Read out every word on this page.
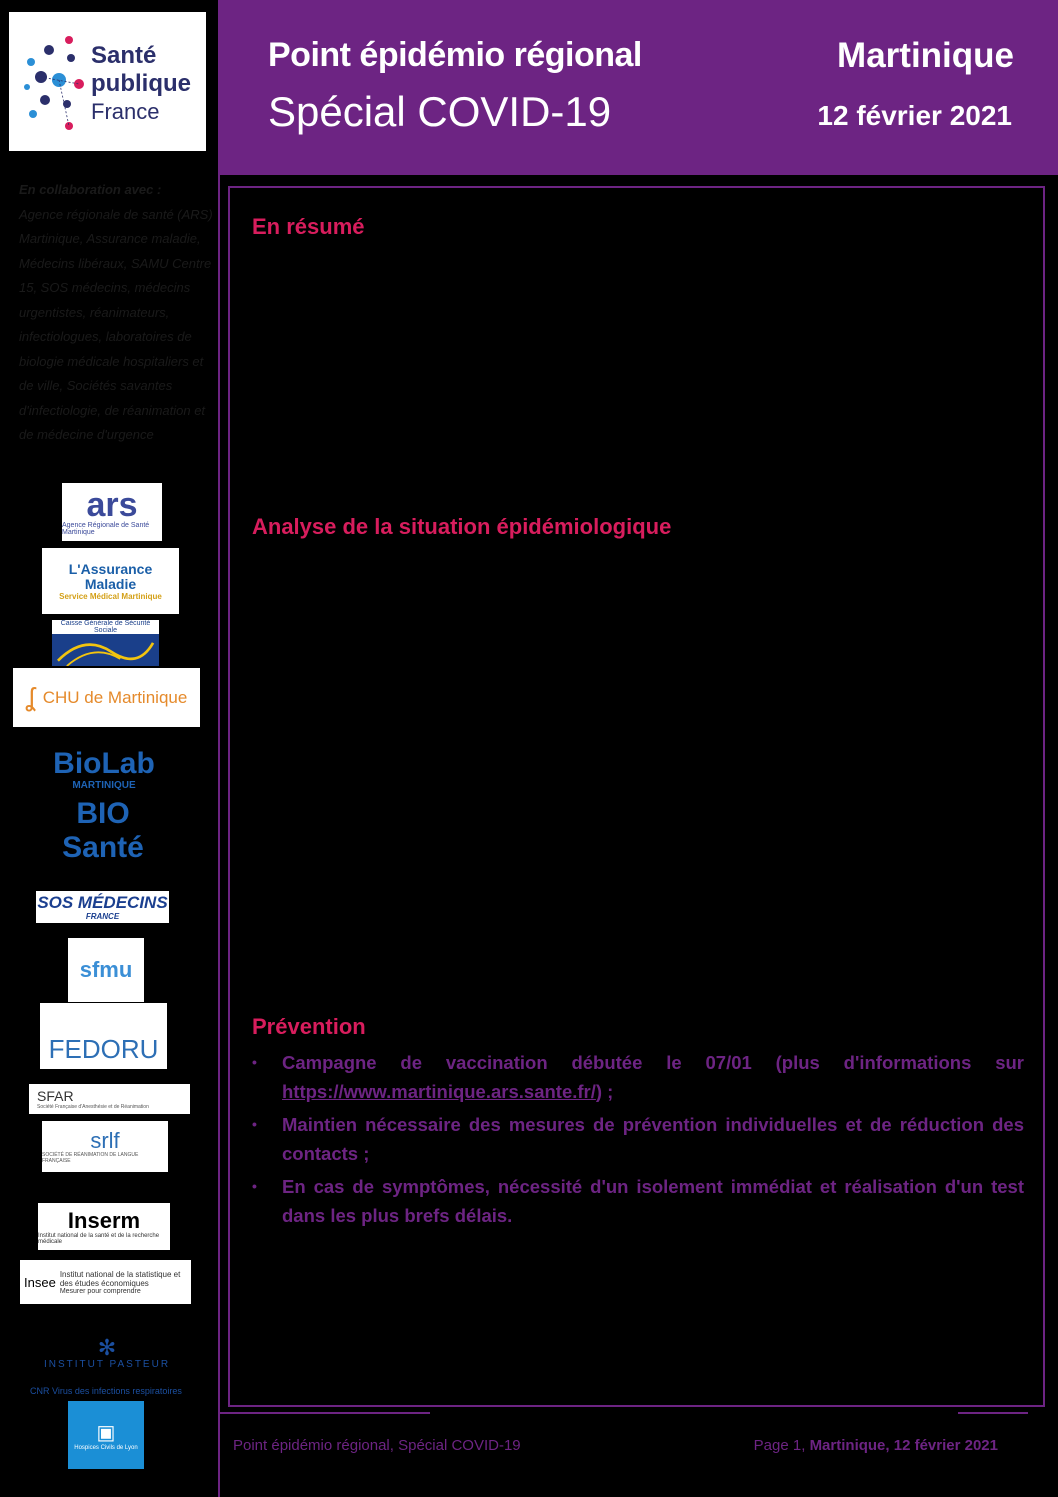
Santé
publique
France
En collaboration avec :
Agence régionale de santé (ARS) Martinique, Assurance maladie, Médecins libéraux, SAMU Centre 15, SOS médecins, médecins urgentistes, réanimateurs, infectiologues, laboratoires de biologie médicale hospitaliers et de ville, Sociétés savantes d'infectiologie, de réanimation et de médecine d'urgence
ars
Agence Régionale de Santé Martinique
L'Assurance Maladie
Service Médical Martinique
Caisse Générale de Sécurité Sociale
ʆ CHU de Martinique
BioLab
MARTINIQUE
BIO Santé
SOS MÉDECINS
FRANCE
sfmu
FEDORU
SFAR
Société Française d'Anesthésie et de Réanimation
srlf
SOCIÉTÉ DE RÉANIMATION DE LANGUE FRANÇAISE
Inserm
Institut national de la santé et de la recherche médicale
Insee
Institut national de la statistique et des études économiques
Mesurer pour comprendre
✻
INSTITUT PASTEUR
CNR Virus des infections respiratoires
▣
Hospices Civils de Lyon
Point épidémio régional
Spécial COVID-19
Martinique
12 février 2021
En résumé
Analyse de la situation épidémiologique
Prévention
• Campagne de vaccination débutée le 07/01 (plus d'informations sur https://www.martinique.ars.sante.fr/) ;
• Maintien nécessaire des mesures de prévention individuelles et de réduction des contacts ;
• En cas de symptômes, nécessité d'un isolement immédiat et réalisation d'un test dans les plus brefs délais.
Point épidémio régional, Spécial COVID-19	Page 1, Martinique, 12 février 2021
